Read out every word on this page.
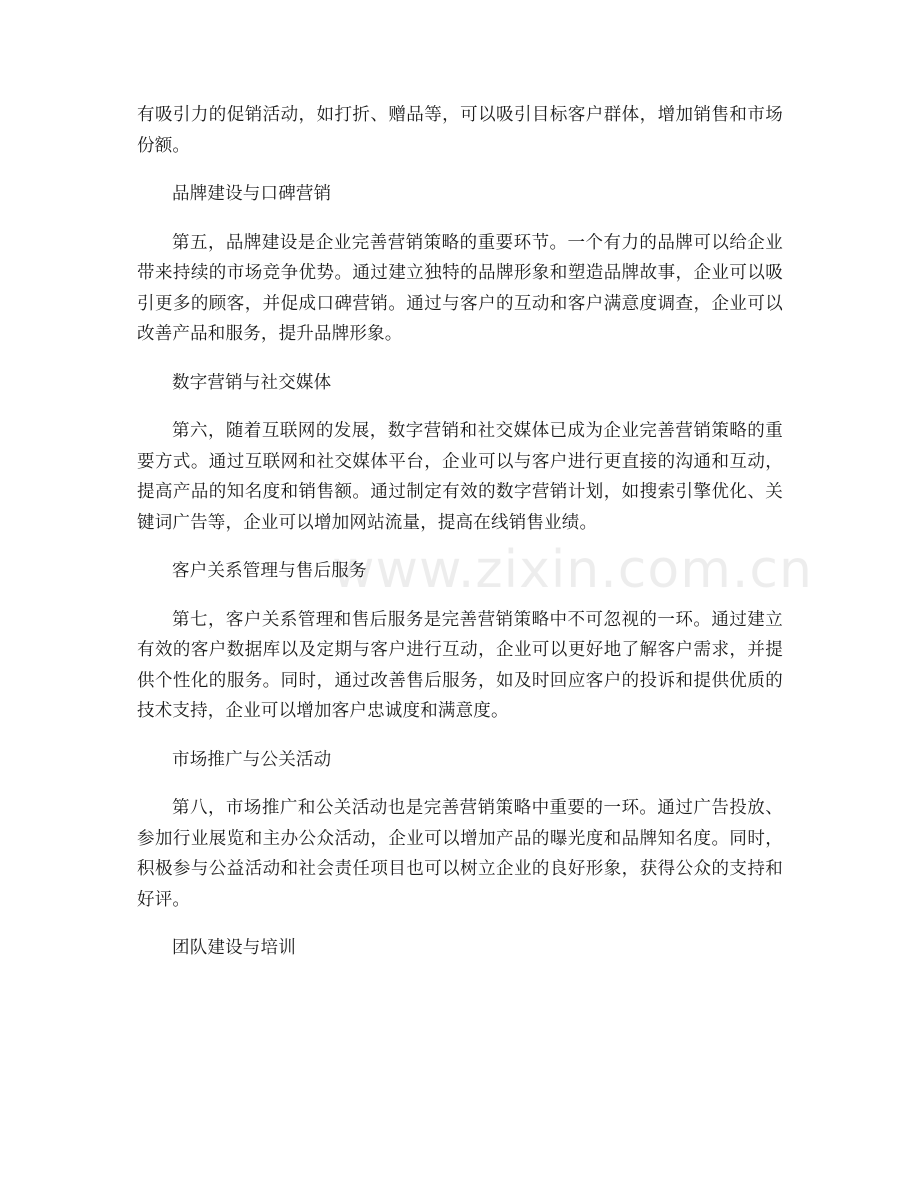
有吸引力的促销活动，如打折、赠品等，可以吸引目标客户群体，增加销售和市场份额。

品牌建设与口碑营销

第五，品牌建设是企业完善营销策略的重要环节。一个有力的品牌可以给企业带来持续的市场竞争优势。通过建立独特的品牌形象和塑造品牌故事，企业可以吸引更多的顾客，并促成口碑营销。通过与客户的互动和客户满意度调查，企业可以改善产品和服务，提升品牌形象。

数字营销与社交媒体

第六，随着互联网的发展，数字营销和社交媒体已成为企业完善营销策略的重要方式。通过互联网和社交媒体平台，企业可以与客户进行更直接的沟通和互动，提高产品的知名度和销售额。通过制定有效的数字营销计划，如搜索引擎优化、关键词广告等，企业可以增加网站流量，提高在线销售业绩。

客户关系管理与售后服务

第七，客户关系管理和售后服务是完善营销策略中不可忽视的一环。通过建立有效的客户数据库以及定期与客户进行互动，企业可以更好地了解客户需求，并提供个性化的服务。同时，通过改善售后服务，如及时回应客户的投诉和提供优质的技术支持，企业可以增加客户忠诚度和满意度。

市场推广与公关活动

第八，市场推广和公关活动也是完善营销策略中重要的一环。通过广告投放、参加行业展览和主办公众活动，企业可以增加产品的曝光度和品牌知名度。同时，积极参与公益活动和社会责任项目也可以树立企业的良好形象，获得公众的支持和好评。

团队建设与培训
www.zixin.com.cn
